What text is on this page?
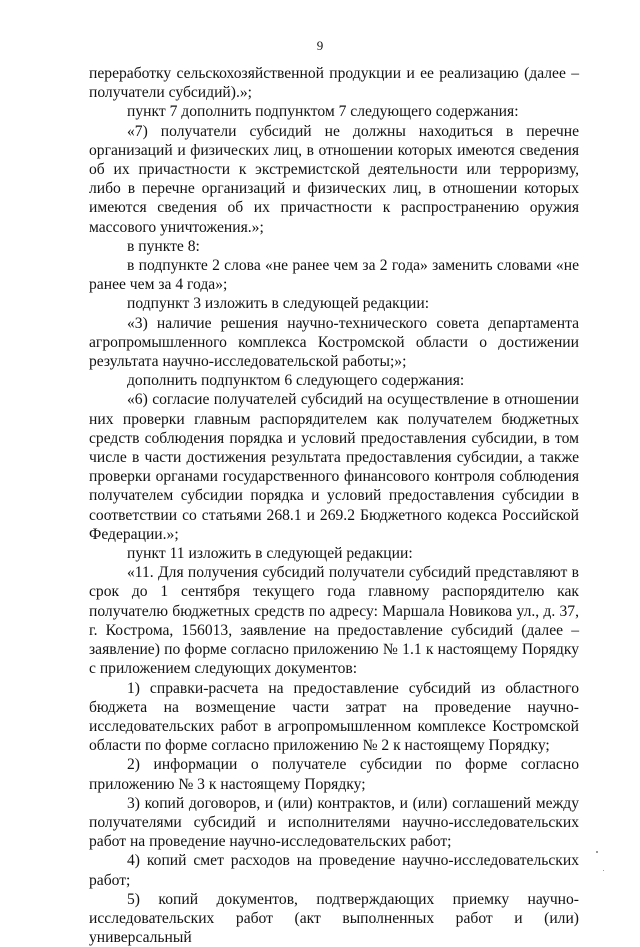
9

переработку сельскохозяйственной продукции и ее реализацию (далее – получатели субсидий).»;

пункт 7 дополнить подпунктом 7 следующего содержания:

«7) получатели субсидий не должны находиться в перечне организаций и физических лиц, в отношении которых имеются сведения об их причастности к экстремистской деятельности или терроризму, либо в перечне организаций и физических лиц, в отношении которых имеются сведения об их причастности к распространению оружия массового уничтожения.»;

в пункте 8:

в подпункте 2 слова «не ранее чем за 2 года» заменить словами «не ранее чем за 4 года»;

подпункт 3 изложить в следующей редакции:

«3) наличие решения научно-технического совета департамента агропромышленного комплекса Костромской области о достижении результата научно-исследовательской работы;»;

дополнить подпунктом 6 следующего содержания:

«6) согласие получателей субсидий на осуществление в отношении них проверки главным распорядителем как получателем бюджетных средств соблюдения порядка и условий предоставления субсидии, в том числе в части достижения результата предоставления субсидии, а также проверки органами государственного финансового контроля соблюдения получателем субсидии порядка и условий предоставления субсидии в соответствии со статьями 268.1 и 269.2 Бюджетного кодекса Российской Федерации.»;

пункт 11 изложить в следующей редакции:

«11. Для получения субсидий получатели субсидий представляют в срок до 1 сентября текущего года главному распорядителю как получателю бюджетных средств по адресу: Маршала Новикова ул., д. 37, г. Кострома, 156013, заявление на предоставление субсидий (далее – заявление) по форме согласно приложению № 1.1 к настоящему Порядку с приложением следующих документов:

1) справки-расчета на предоставление субсидий из областного бюджета на возмещение части затрат на проведение научно-исследовательских работ в агропромышленном комплексе Костромской области по форме согласно приложению № 2 к настоящему Порядку;

2) информации о получателе субсидии по форме согласно приложению № 3 к настоящему Порядку;

3) копий договоров, и (или) контрактов, и (или) соглашений между получателями субсидий и исполнителями научно-исследовательских работ на проведение научно-исследовательских работ;

4) копий смет расходов на проведение научно-исследовательских работ;

5) копий документов, подтверждающих приемку научно-исследовательских работ (акт выполненных работ и (или) универсальный
